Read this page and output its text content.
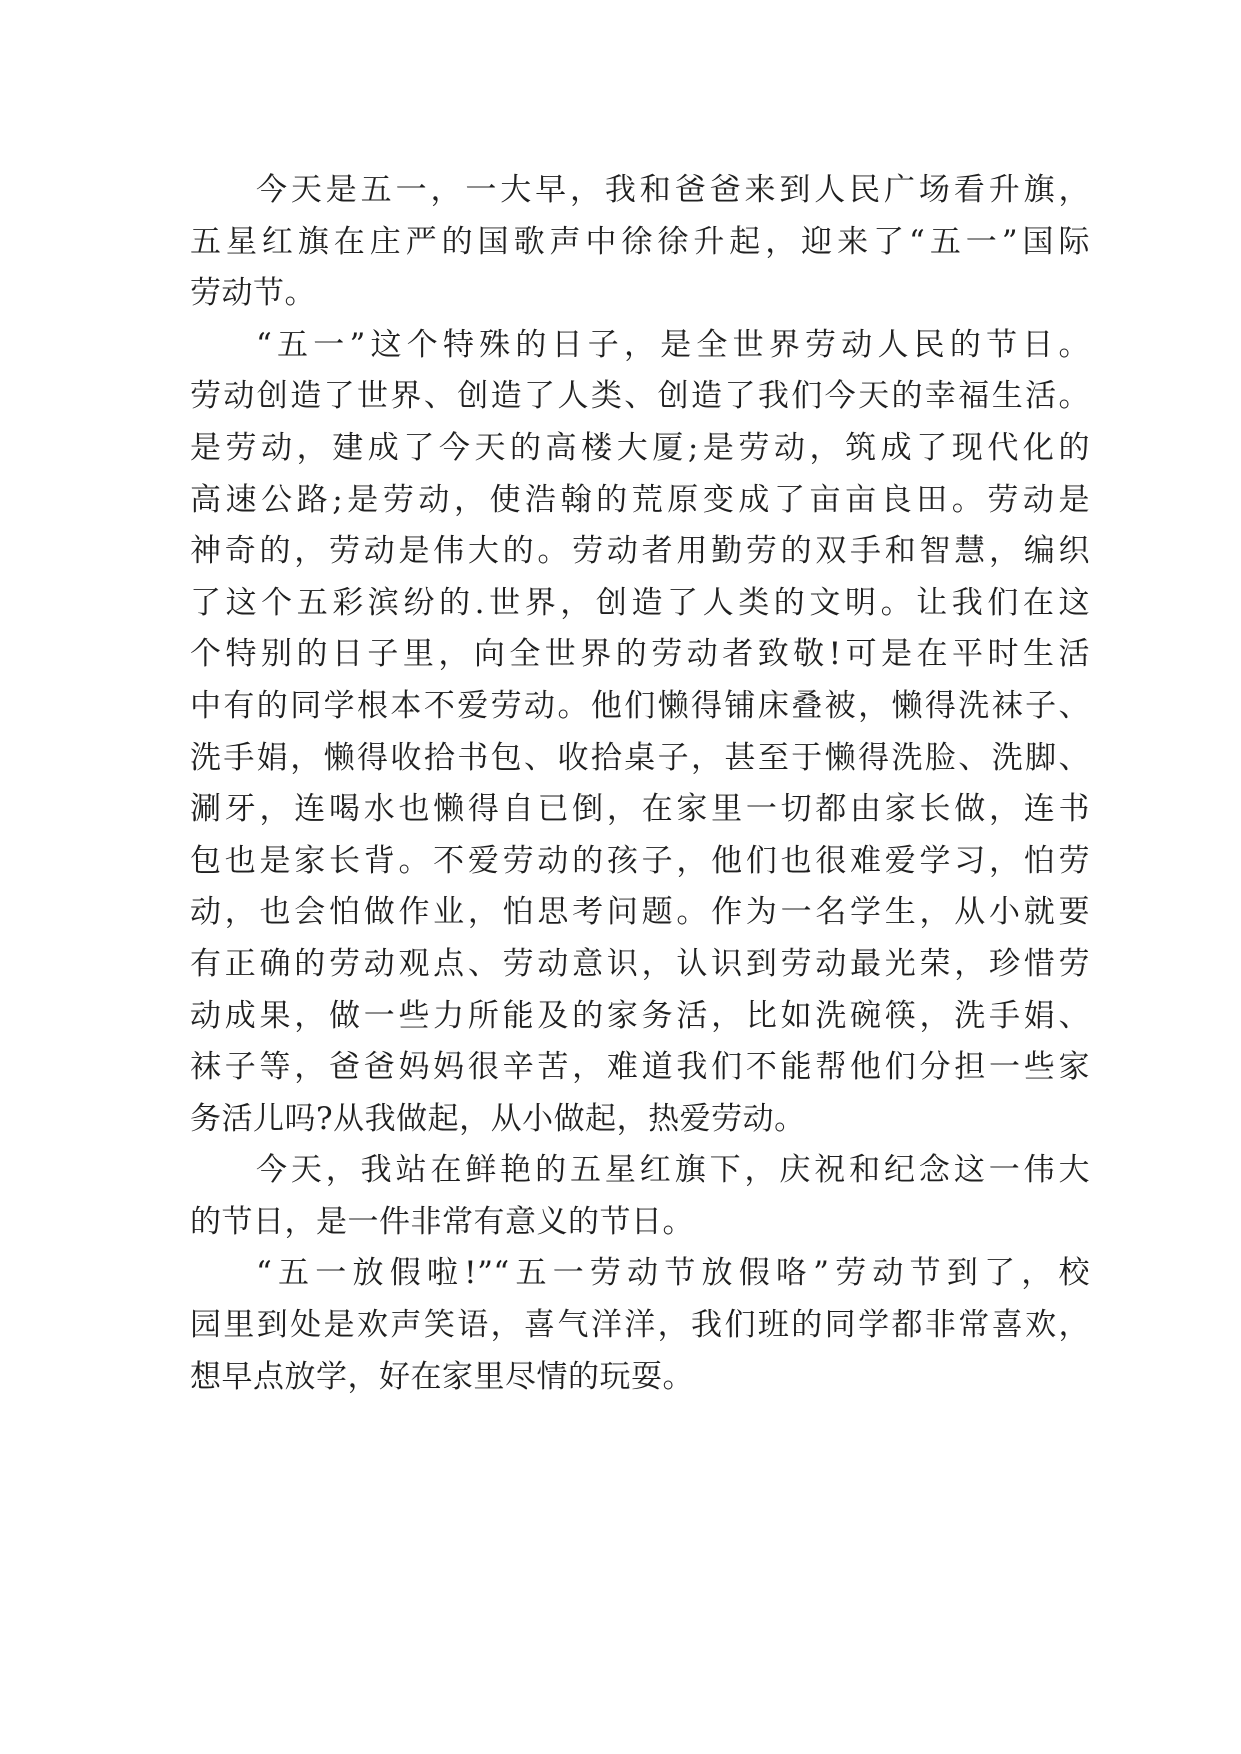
今天是五一，一大早，我和爸爸来到人民广场看升旗，
五星红旗在庄严的国歌声中徐徐升起，迎来了“五一”国际
劳动节。
“五一”这个特殊的日子，是全世界劳动人民的节日。
劳动创造了世界、创造了人类、创造了我们今天的幸福生活。
是劳动，建成了今天的高楼大厦;是劳动，筑成了现代化的
高速公路;是劳动，使浩翰的荒原变成了亩亩良田。劳动是
神奇的，劳动是伟大的。劳动者用勤劳的双手和智慧，编织
了这个五彩滨纷的.世界，创造了人类的文明。让我们在这
个特别的日子里，向全世界的劳动者致敬!可是在平时生活
中有的同学根本不爱劳动。他们懒得铺床叠被，懒得洗袜子、
洗手娟，懒得收拾书包、收拾桌子，甚至于懒得洗脸、洗脚、
涮牙，连喝水也懒得自已倒，在家里一切都由家长做，连书
包也是家长背。不爱劳动的孩子，他们也很难爱学习，怕劳
动，也会怕做作业，怕思考问题。作为一名学生，从小就要
有正确的劳动观点、劳动意识，认识到劳动最光荣，珍惜劳
动成果，做一些力所能及的家务活，比如洗碗筷，洗手娟、
袜子等，爸爸妈妈很辛苦，难道我们不能帮他们分担一些家
务活儿吗?从我做起，从小做起，热爱劳动。
今天，我站在鲜艳的五星红旗下，庆祝和纪念这一伟大
的节日，是一件非常有意义的节日。
“五一放假啦!”“五一劳动节放假咯”劳动节到了，校
园里到处是欢声笑语，喜气洋洋，我们班的同学都非常喜欢，
想早点放学，好在家里尽情的玩耍。
